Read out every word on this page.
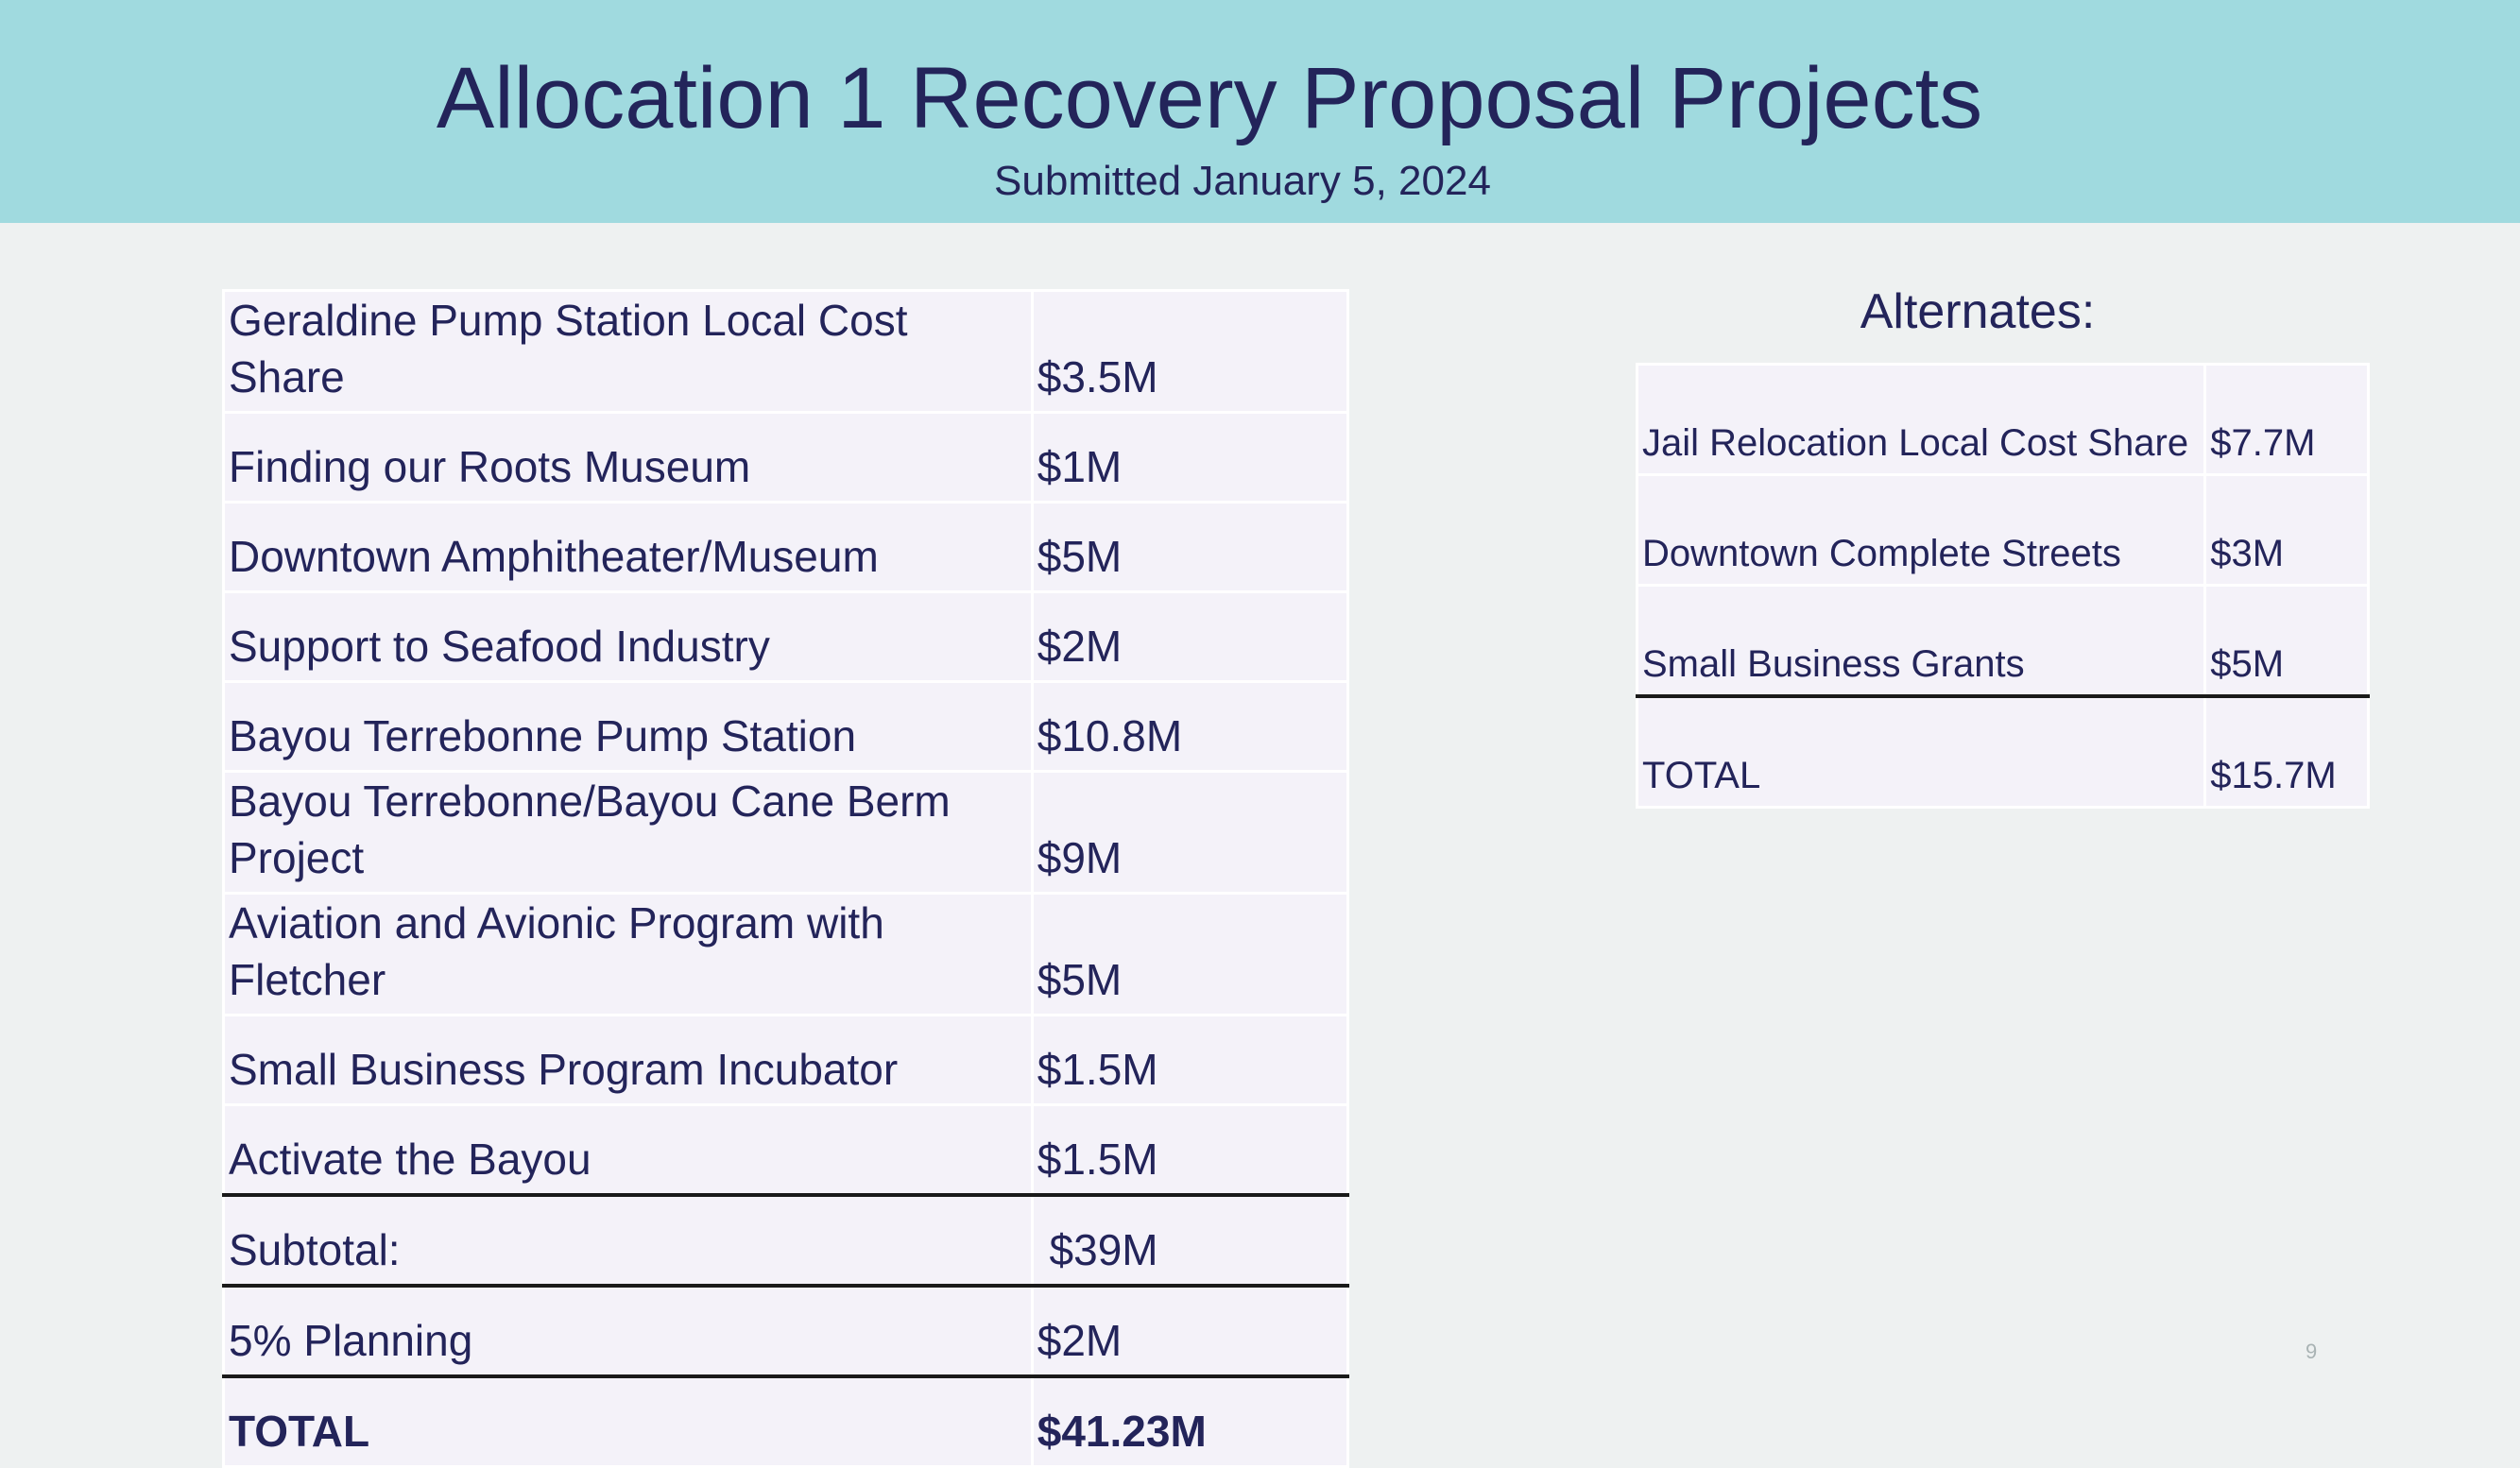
Allocation 1 Recovery Proposal Projects
Submitted January 5, 2024
Geraldine Pump Station Local Cost Share	$3.5M
Finding our Roots Museum	$1M
Downtown Amphitheater/Museum	$5M
Support to Seafood Industry	$2M
Bayou Terrebonne Pump Station	$10.8M
Bayou Terrebonne/Bayou Cane Berm Project	$9M
Aviation and Avionic Program with Fletcher	$5M
Small Business Program Incubator	$1.5M
Activate the Bayou	$1.5M
Subtotal:	$39M
5% Planning	$2M
TOTAL	$41.23M
Alternates:
Jail Relocation Local Cost Share	$7.7M
Downtown Complete Streets	$3M
Small Business Grants	$5M
TOTAL	$15.7M
9
